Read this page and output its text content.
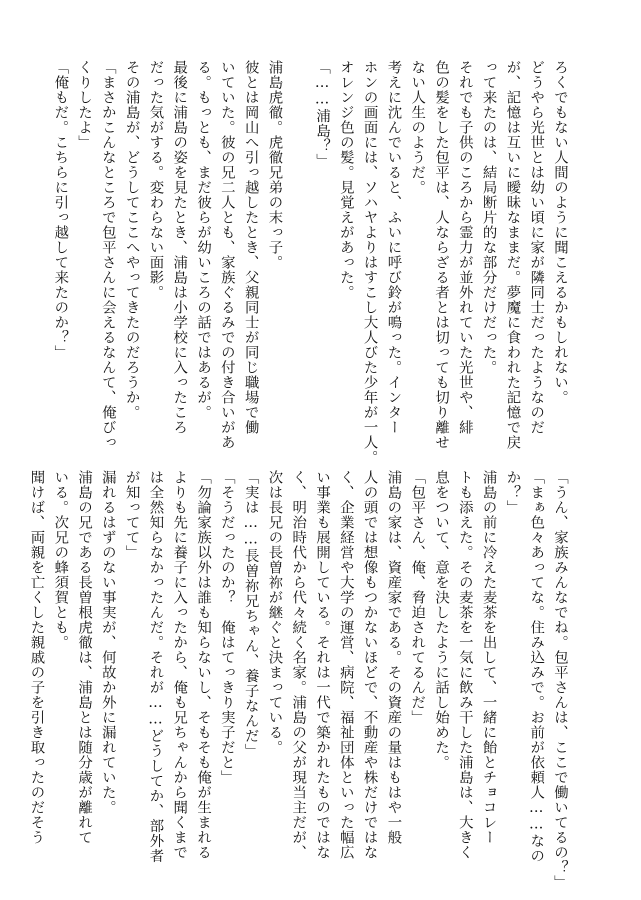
ろくでもない人間のように聞こえるかもしれない。

どうやら光世とは幼い頃に家が隣同士だったようなのだ

が、記憶は互いに曖昧なままだ。夢魔に食われた記憶で戻

って来たのは、結局断片的な部分だけだった。

それでも子供のころから霊力が並外れていた光世や、緋

色の髪をした包平は、人ならざる者とは切っても切り離せ

ない人生のようだ。

考えに沈んでいると、ふいに呼び鈴が鳴った。インター

ホンの画面には、ソハヤよりはすこし大人びた少年が一人。

オレンジ色の髪。見覚えがあった。

「……浦島？」

浦島虎徹。虎徹兄弟の末っ子。

彼とは岡山へ引っ越したとき、父親同士が同じ職場で働

いていた。彼の兄二人とも、家族ぐるみでの付き合いがあ

る。もっとも、まだ彼らが幼いころの話ではあるが。

最後に浦島の姿を見たとき、浦島は小学校に入ったころ

だった気がする。変わらない面影。

その浦島が、どうしてここへやってきたのだろうか。

「まさかこんなところで包平さんに会えるなんて、俺びっ

くりしたよ」

「俺もだ。こちらに引っ越して来たのか？」

「うん、家族みんなでね。包平さんは、ここで働いてるの？」

「まぁ色々あってな。住み込みで。お前が依頼人……なの

か？」

浦島の前に冷えた麦茶を出して、一緒に飴とチョコレー

トも添えた。その麦茶を一気に飲み干した浦島は、大きく

息をついて、意を決したように話し始めた。

「包平さん、俺、脅迫されてるんだ」

浦島の家は、資産家である。その資産の量はもはや一般

人の頭では想像もつかないほどで、不動産や株だけではな

く、企業経営や大学の運営、病院、福祉団体といった幅広

い事業も展開している。それは一代で築かれたものではな

く、明治時代から代々続く名家。浦島の父が現当主だが、

次は長兄の長曽祢が継ぐと決まっている。

「実は……長曽祢兄ちゃん、養子なんだ」

「そうだったのか？　俺はてっきり実子だと」

「勿論家族以外は誰も知らないし、そもそも俺が生まれる

よりも先に養子に入ったから、俺も兄ちゃんから聞くまで

は全然知らなかったんだ。それが……どうしてか、部外者

が知ってて」

漏れるはずのない事実が、何故か外に漏れていた。

浦島の兄である長曽根虎徹は、浦島とは随分歳が離れて

いる。次兄の蜂須賀とも。

聞けば、両親を亡くした親戚の子を引き取ったのだそう
